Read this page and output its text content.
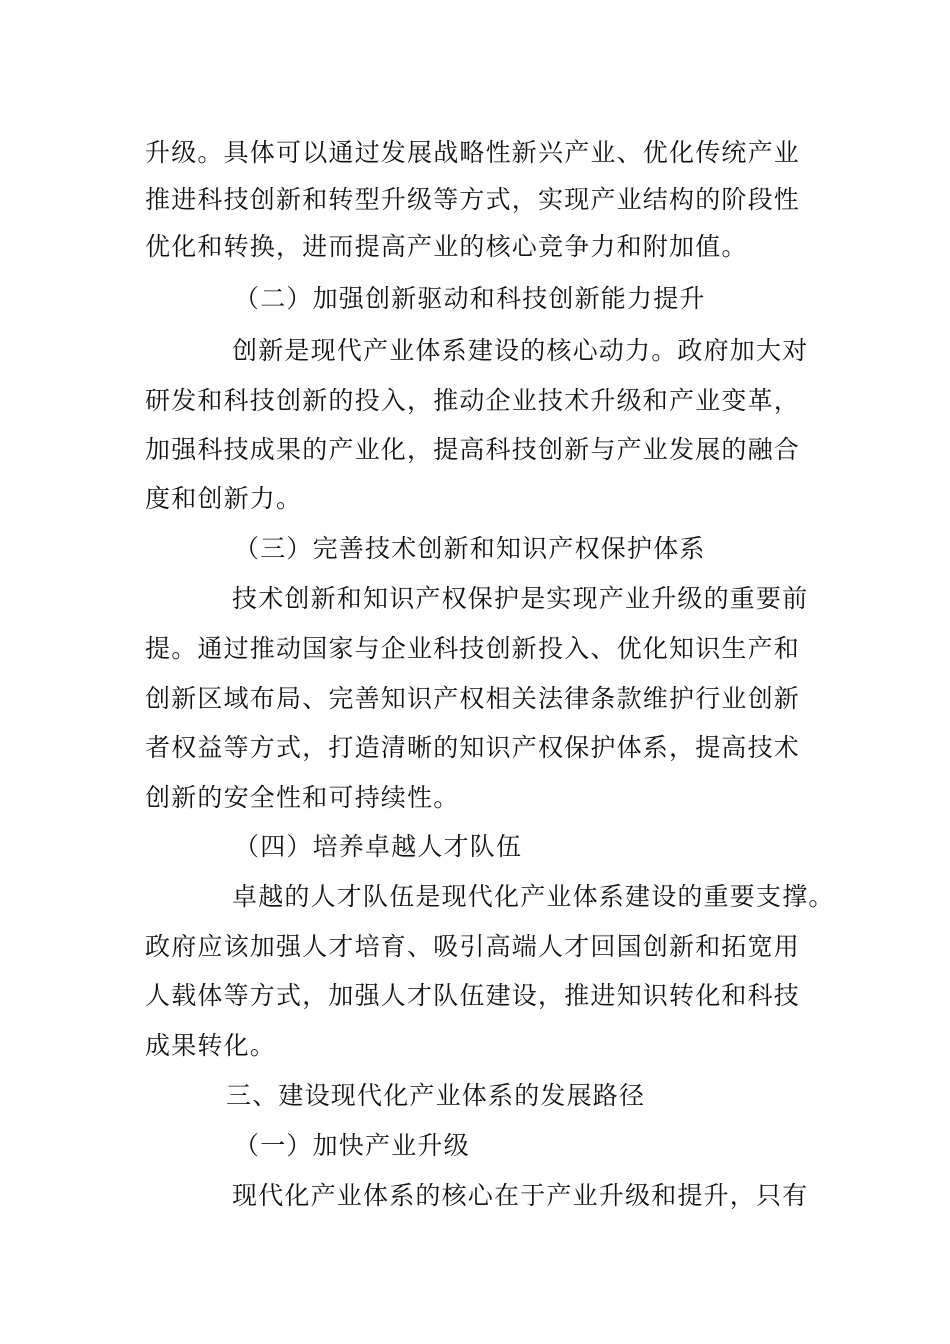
升级。具体可以通过发展战略性新兴产业、优化传统产业
推进科技创新和转型升级等方式，实现产业结构的阶段性
优化和转换，进而提高产业的核心竞争力和附加值。
（二）加强创新驱动和科技创新能力提升
创新是现代产业体系建设的核心动力。政府加大对
研发和科技创新的投入，推动企业技术升级和产业变革，
加强科技成果的产业化，提高科技创新与产业发展的融合
度和创新力。
（三）完善技术创新和知识产权保护体系
技术创新和知识产权保护是实现产业升级的重要前
提。通过推动国家与企业科技创新投入、优化知识生产和
创新区域布局、完善知识产权相关法律条款维护行业创新
者权益等方式，打造清晰的知识产权保护体系，提高技术
创新的安全性和可持续性。
（四）培养卓越人才队伍
卓越的人才队伍是现代化产业体系建设的重要支撑。
政府应该加强人才培育、吸引高端人才回国创新和拓宽用
人载体等方式，加强人才队伍建设，推进知识转化和科技
成果转化。
三、建设现代化产业体系的发展路径
（一）加快产业升级
现代化产业体系的核心在于产业升级和提升，只有
